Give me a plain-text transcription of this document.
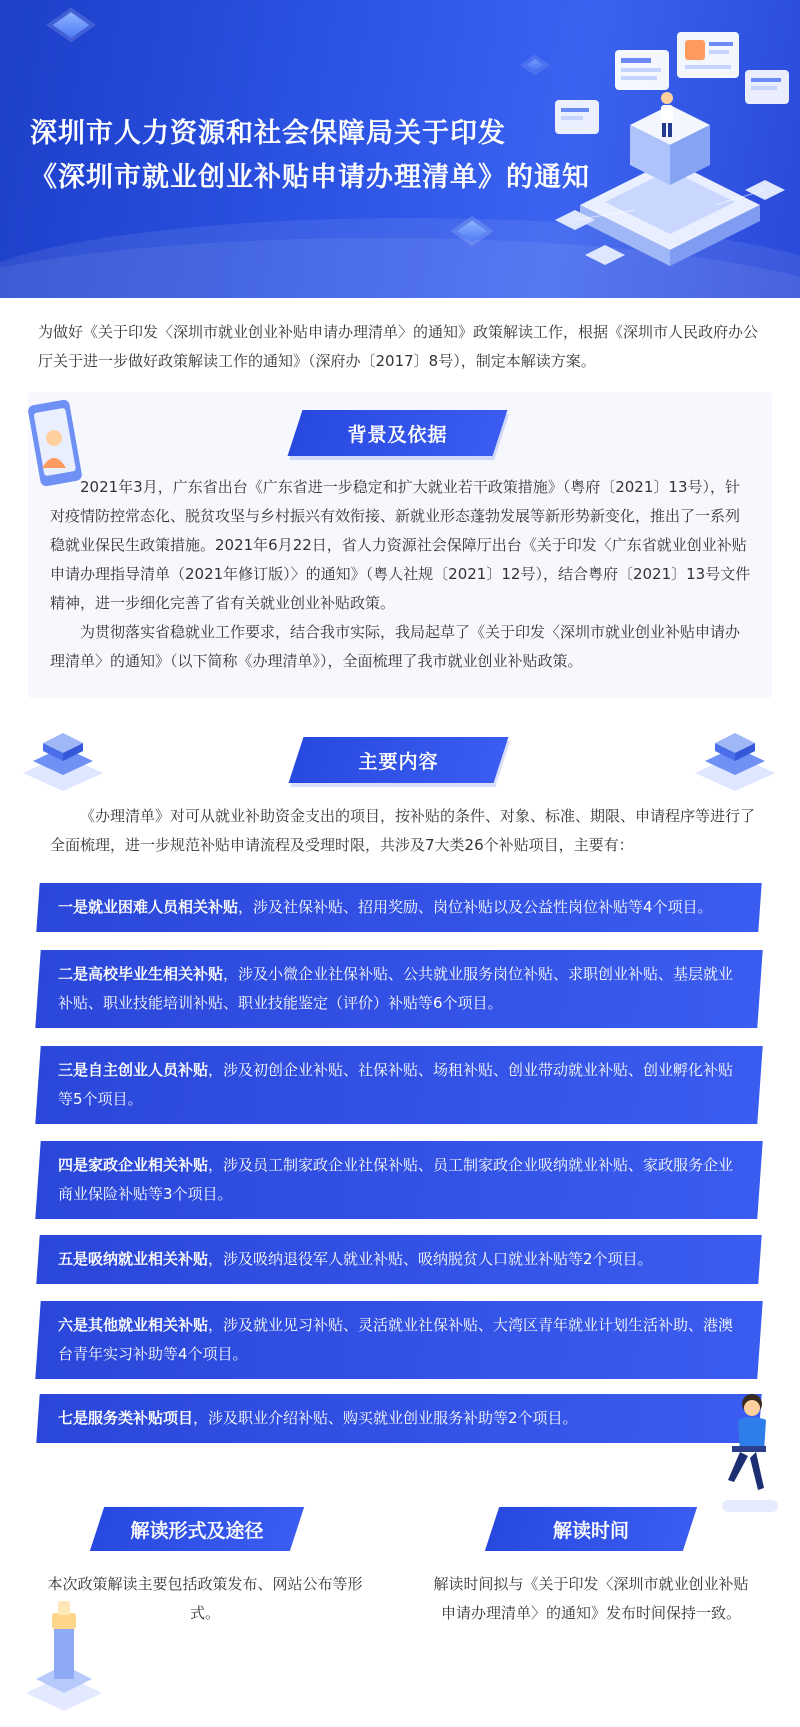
深圳市人力资源和社会保障局关于印发
《深圳市就业创业补贴申请办理清单》的通知
为做好《关于印发〈深圳市就业创业补贴申请办理清单〉的通知》政策解读工作，根据《深圳市人民政府办公厅关于进一步做好政策解读工作的通知》（深府办〔2017〕8号），制定本解读方案。
背景及依据
2021年3月，广东省出台《广东省进一步稳定和扩大就业若干政策措施》（粤府〔2021〕13号），针对疫情防控常态化、脱贫攻坚与乡村振兴有效衔接、新就业形态蓬勃发展等新形势新变化，推出了一系列稳就业保民生政策措施。2021年6月22日，省人力资源社会保障厅出台《关于印发〈广东省就业创业补贴申请办理指导清单（2021年修订版）〉的通知》（粤人社规〔2021〕12号），结合粤府〔2021〕13号文件精神，进一步细化完善了省有关就业创业补贴政策。
为贯彻落实省稳就业工作要求，结合我市实际，我局起草了《关于印发〈深圳市就业创业补贴申请办理清单〉的通知》（以下简称《办理清单》），全面梳理了我市就业创业补贴政策。
主要内容
《办理清单》对可从就业补助资金支出的项目，按补贴的条件、对象、标准、期限、申请程序等进行了全面梳理，进一步规范补贴申请流程及受理时限，共涉及7大类26个补贴项目，主要有：
一是就业困难人员相关补贴，涉及社保补贴、招用奖励、岗位补贴以及公益性岗位补贴等4个项目。
二是高校毕业生相关补贴，涉及小微企业社保补贴、公共就业服务岗位补贴、求职创业补贴、基层就业补贴、职业技能培训补贴、职业技能鉴定（评价）补贴等6个项目。
三是自主创业人员补贴，涉及初创企业补贴、社保补贴、场租补贴、创业带动就业补贴、创业孵化补贴等5个项目。
四是家政企业相关补贴，涉及员工制家政企业社保补贴、员工制家政企业吸纳就业补贴、家政服务企业商业保险补贴等3个项目。
五是吸纳就业相关补贴，涉及吸纳退役军人就业补贴、吸纳脱贫人口就业补贴等2个项目。
六是其他就业相关补贴，涉及就业见习补贴、灵活就业社保补贴、大湾区青年就业计划生活补助、港澳台青年实习补助等4个项目。
七是服务类补贴项目，涉及职业介绍补贴、购买就业创业服务补助等2个项目。
解读形式及途径
本次政策解读主要包括政策发布、网站公布等形式。
解读时间
解读时间拟与《关于印发〈深圳市就业创业补贴申请办理清单〉的通知》发布时间保持一致。
